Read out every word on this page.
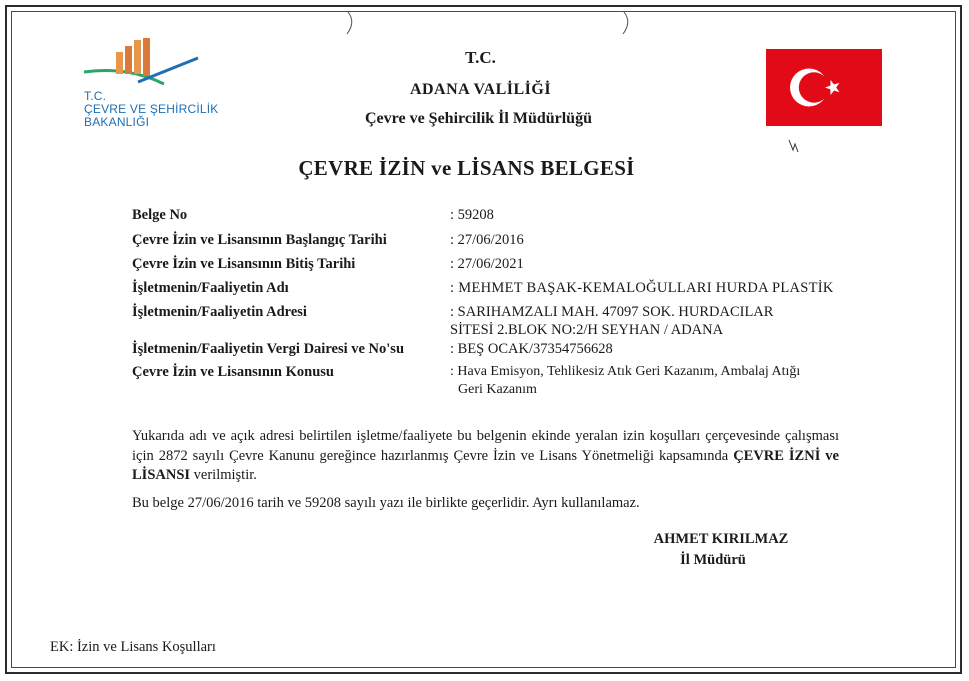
T.C.
ÇEVRE VE ŞEHİRCİLİK
BAKANLIĞI
T.C.
ADANA VALİLİĞİ
Çevre ve Şehircilik İl Müdürlüğü
ÇEVRE İZİN ve LİSANS BELGESİ
Belge No	: 59208
Çevre İzin ve Lisansının Başlangıç Tarihi	: 27/06/2016
Çevre İzin ve Lisansının Bitiş Tarihi	: 27/06/2021
İşletmenin/Faaliyetin Adı	: MEHMET BAŞAK-KEMALOĞULLARI HURDA PLASTİK
İşletmenin/Faaliyetin Adresi	: SARIHAMZALI MAH. 47097 SOK. HURDACILAR
SİTESİ 2.BLOK NO:2/H SEYHAN / ADANA
İşletmenin/Faaliyetin Vergi Dairesi ve No'su	: BEŞ OCAK/37354756628
Çevre İzin ve Lisansının Konusu	: Hava Emisyon, Tehlikesiz Atık Geri Kazanım, Ambalaj Atığı
Geri Kazanım
Yukarıda adı ve açık adresi belirtilen işletme/faaliyete bu belgenin ekinde yeralan izin koşulları çerçevesinde çalışması için 2872 sayılı Çevre Kanunu gereğince hazırlanmış Çevre İzin ve Lisans Yönetmeliği kapsamında ÇEVRE İZNİ ve LİSANSI verilmiştir.
Bu belge 27/06/2016 tarih ve 59208 sayılı yazı ile birlikte geçerlidir. Ayrı kullanılamaz.
AHMET KIRILMAZ
İl Müdürü
EK: İzin ve Lisans Koşulları
